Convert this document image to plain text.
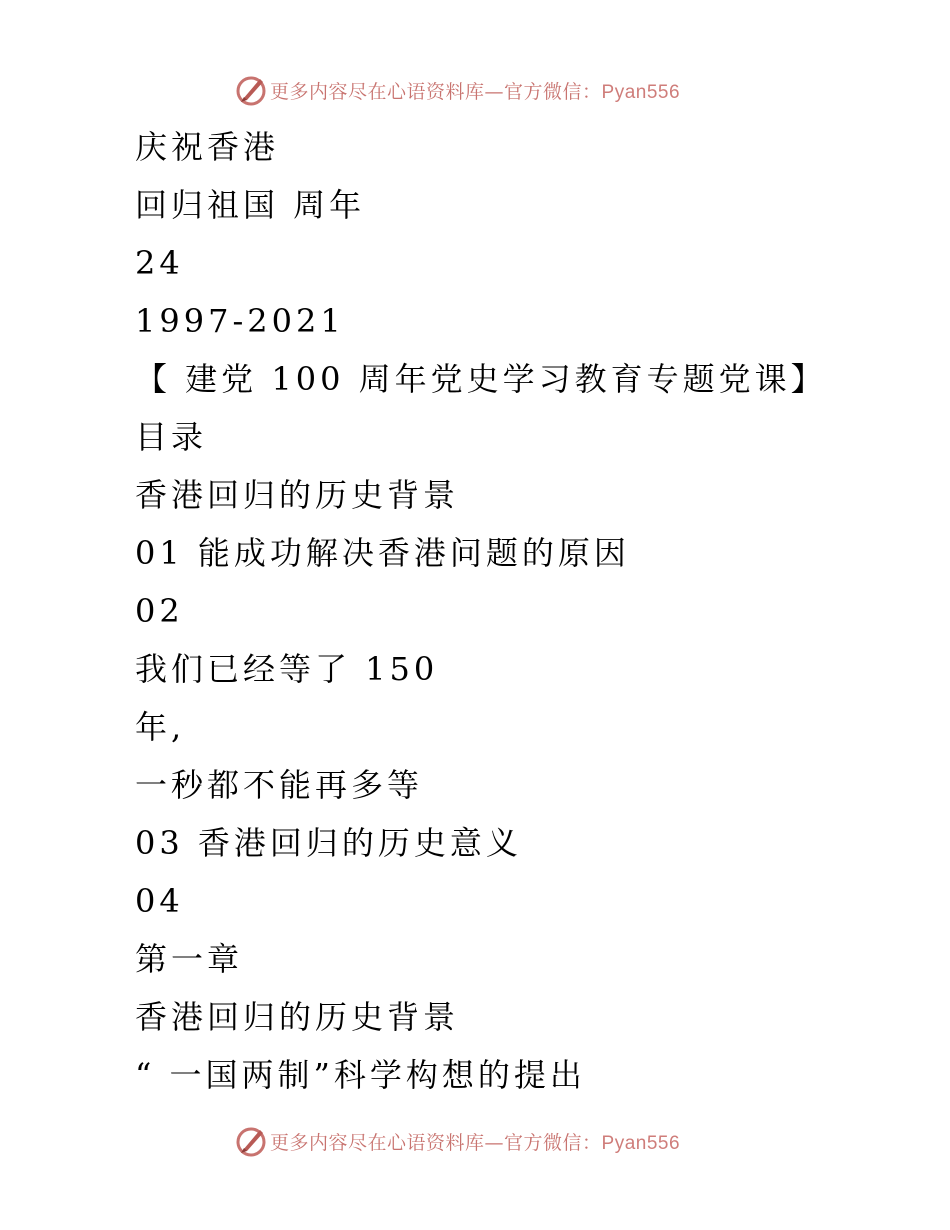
更多内容尽在心语资料库—官方微信：Pyan556
庆祝香港
回归祖国 周年
24
1997-2021
【 建党 100 周年党史学习教育专题党课】
目录
香港回归的历史背景
01 能成功解决香港问题的原因
02
我们已经等了 150
年,
一秒都不能再多等
03 香港回归的历史意义
04
第一章
香港回归的历史背景
“ 一国两制”科学构想的提出
更多内容尽在心语资料库—官方微信：Pyan556
